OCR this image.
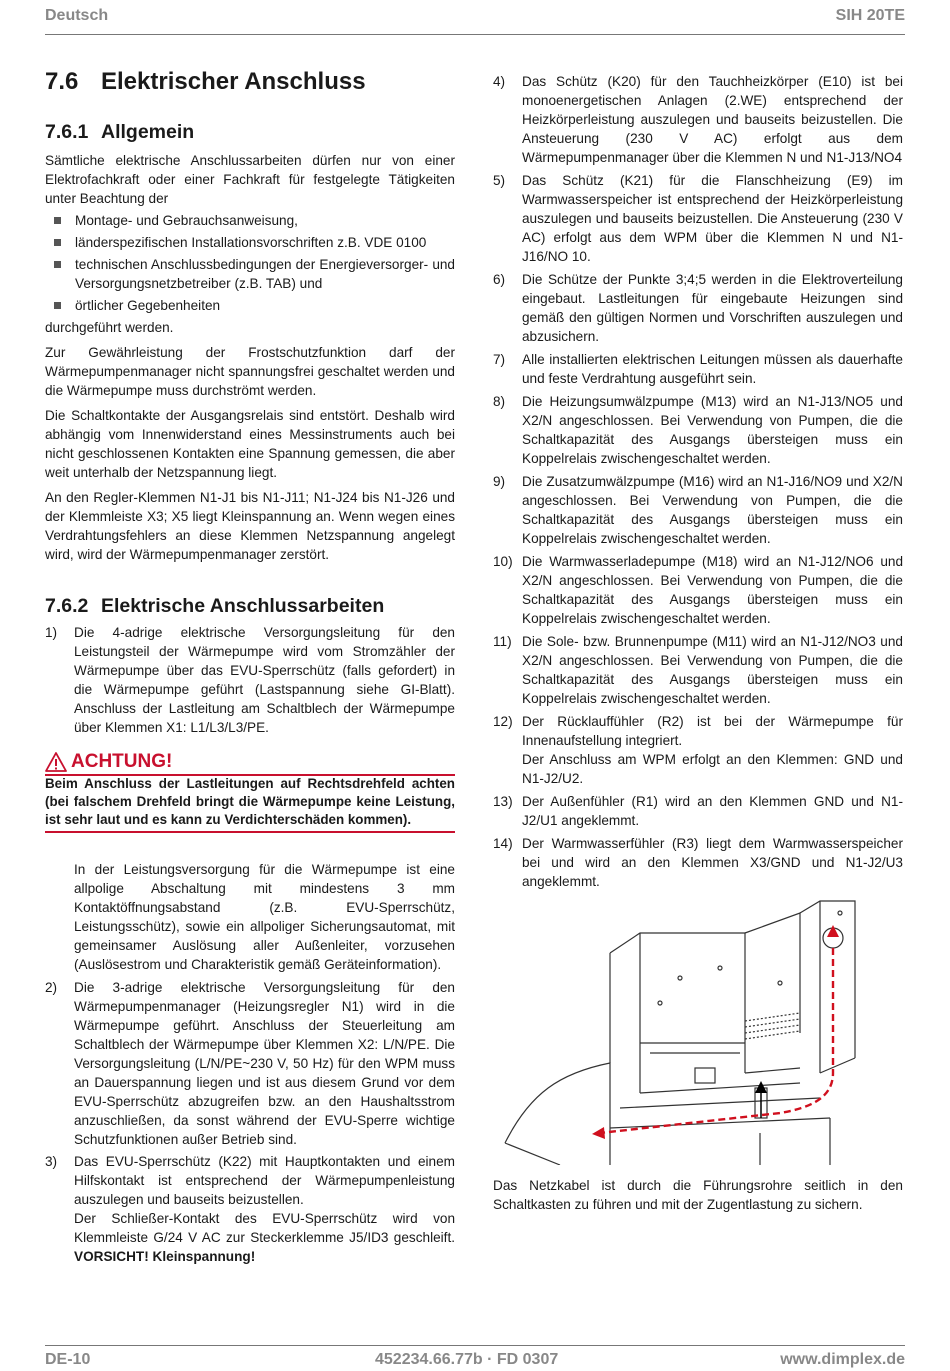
Deutsch	SIH 20TE
7.6 Elektrischer Anschluss
7.6.1 Allgemein

Sämtliche elektrische Anschlussarbeiten dürfen nur von einer Elektrofachkraft oder einer Fachkraft für festgelegte Tätigkeiten unter Beachtung der

Montage- und Gebrauchsanweisung,
länderspezifischen Installationsvorschriften z.B. VDE 0100
technischen Anschlussbedingungen der Energieversorger- und Versorgungsnetzbetreiber (z.B. TAB) und
örtlicher Gegebenheiten

durchgeführt werden.

Zur Gewährleistung der Frostschutzfunktion darf der Wärmepumpenmanager nicht spannungsfrei geschaltet werden und die Wärmepumpe muss durchströmt werden.

Die Schaltkontakte der Ausgangsrelais sind entstört. Deshalb wird abhängig vom Innenwiderstand eines Messinstruments auch bei nicht geschlossenen Kontakten eine Spannung gemessen, die aber weit unterhalb der Netzspannung liegt.

An den Regler-Klemmen N1-J1 bis N1-J11; N1-J24 bis N1-J26 und der Klemmleiste X3; X5 liegt Kleinspannung an. Wenn wegen eines Verdrahtungsfehlers an diese Klemmen Netzspannung angelegt wird, wird der Wärmepumpenmanager zerstört.

7.6.2 Elektrische Anschlussarbeiten
1) Die 4-adrige elektrische Versorgungsleitung für den Leistungsteil der Wärmepumpe wird vom Stromzähler der Wärmepumpe über das EVU-Sperrschütz (falls gefordert) in die Wärmepumpe geführt (Lastspannung siehe GI-Blatt). Anschluss der Lastleitung am Schaltblech der Wärmepumpe über Klemmen X1: L1/L3/L3/PE.
ACHTUNG!
Beim Anschluss der Lastleitungen auf Rechtsdrehfeld achten (bei falschem Drehfeld bringt die Wärmepumpe keine Leistung, ist sehr laut und es kann zu Verdichterschäden kommen).

In der Leistungsversorgung für die Wärmepumpe ist eine allpolige Abschaltung mit mindestens 3 mm Kontaktöffnungsabstand (z.B. EVU-Sperrschütz, Leistungsschütz), sowie ein allpoliger Sicherungsautomat, mit gemeinsamer Auslösung aller Außenleiter, vorzusehen (Auslösestrom und Charakteristik gemäß Geräteinformation).

2) Die 3-adrige elektrische Versorgungsleitung für den Wärmepumpenmanager (Heizungsregler N1) wird in die Wärmepumpe geführt. Anschluss der Steuerleitung am Schaltblech der Wärmepumpe über Klemmen X2: L/N/PE. Die Versorgungsleitung (L/N/PE~230 V, 50 Hz) für den WPM muss an Dauerspannung liegen und ist aus diesem Grund vor dem EVU-Sperrschütz abzugreifen bzw. an den Haushaltsstrom anzuschließen, da sonst während der EVU-Sperre wichtige Schutzfunktionen außer Betrieb sind.
3) Das EVU-Sperrschütz (K22) mit Hauptkontakten und einem Hilfskontakt ist entsprechend der Wärmepumpenleistung auszulegen und bauseits beizustellen.
Der Schließer-Kontakt des EVU-Sperrschütz wird von Klemmleiste G/24 V AC zur Steckerklemme J5/ID3 geschleift. VORSICHT! Kleinspannung!
4) Das Schütz (K20) für den Tauchheizkörper (E10) ist bei monoenergetischen Anlagen (2.WE) entsprechend der Heizkörperleistung auszulegen und bauseits beizustellen. Die Ansteuerung (230 V AC) erfolgt aus dem Wärmepumpenmanager über die Klemmen N und N1-J13/NO4
5) Das Schütz (K21) für die Flanschheizung (E9) im Warmwasserspeicher ist entsprechend der Heizkörperleistung auszulegen und bauseits beizustellen. Die Ansteuerung (230 V AC) erfolgt aus dem WPM über die Klemmen N und N1-J16/NO 10.
6) Die Schütze der Punkte 3;4;5 werden in die Elektroverteilung eingebaut. Lastleitungen für eingebaute Heizungen sind gemäß den gültigen Normen und Vorschriften auszulegen und abzusichern.
7) Alle installierten elektrischen Leitungen müssen als dauerhafte und feste Verdrahtung ausgeführt sein.
8) Die Heizungsumwälzpumpe (M13) wird an N1-J13/NO5 und X2/N angeschlossen. Bei Verwendung von Pumpen, die die Schaltkapazität des Ausgangs übersteigen muss ein Koppelrelais zwischengeschaltet werden.
9) Die Zusatzumwälzpumpe (M16) wird an N1-J16/NO9 und X2/N angeschlossen. Bei Verwendung von Pumpen, die die Schaltkapazität des Ausgangs übersteigen muss ein Koppelrelais zwischengeschaltet werden.
10) Die Warmwasserladepumpe (M18) wird an N1-J12/NO6 und X2/N angeschlossen. Bei Verwendung von Pumpen, die die Schaltkapazität des Ausgangs übersteigen muss ein Koppelrelais zwischengeschaltet werden.
11) Die Sole- bzw. Brunnenpumpe (M11) wird an N1-J12/NO3 und X2/N angeschlossen. Bei Verwendung von Pumpen, die die Schaltkapazität des Ausgangs übersteigen muss ein Koppelrelais zwischengeschaltet werden.
12) Der Rücklauffühler (R2) ist bei der Wärmepumpe für Innenaufstellung integriert.
Der Anschluss am WPM erfolgt an den Klemmen: GND und N1-J2/U2.
13) Der Außenfühler (R1) wird an den Klemmen GND und N1-J2/U1 angeklemmt.
14) Der Warmwasserfühler (R3) liegt dem Warmwasserspeicher bei und wird an den Klemmen X3/GND und N1-J2/U3 angeklemmt.
Das Netzkabel ist durch die Führungsrohre seitlich in den Schaltkasten zu führen und mit der Zugentlastung zu sichern.
DE-10	452234.66.77b · FD 0307	www.dimplex.de
